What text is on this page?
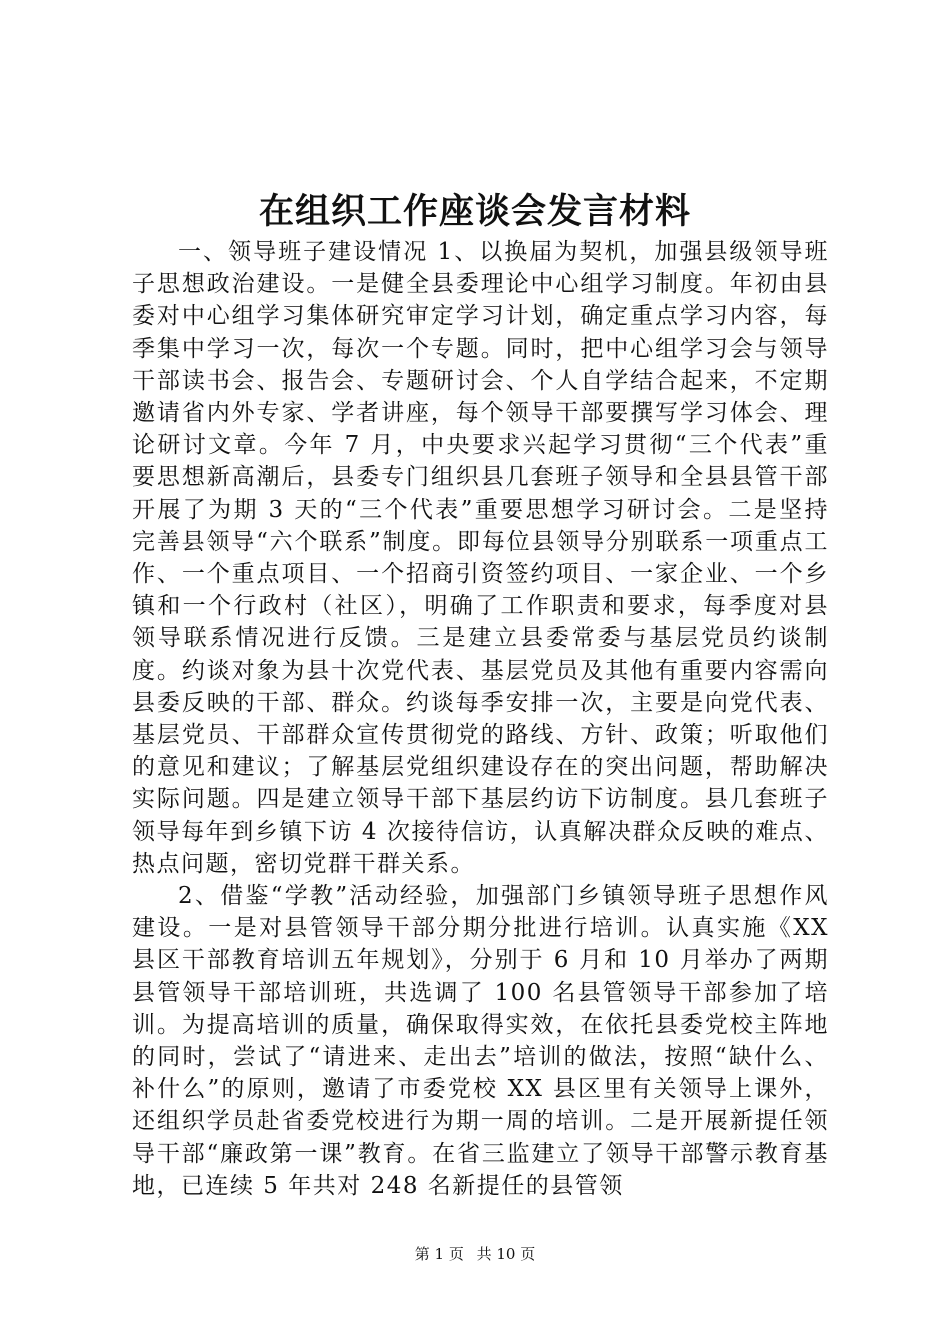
在组织工作座谈会发言材料

一、领导班子建设情况 1、以换届为契机，加强县级领导班子思想政治建设。一是健全县委理论中心组学习制度。年初由县委对中心组学习集体研究审定学习计划，确定重点学习内容，每季集中学习一次，每次一个专题。同时，把中心组学习会与领导干部读书会、报告会、专题研讨会、个人自学结合起来，不定期邀请省内外专家、学者讲座，每个领导干部要撰写学习体会、理论研讨文章。今年 7 月，中央要求兴起学习贯彻“三个代表”重要思想新高潮后，县委专门组织县几套班子领导和全县县管干部开展了为期 3 天的“三个代表”重要思想学习研讨会。二是坚持完善县领导“六个联系”制度。即每位县领导分别联系一项重点工作、一个重点项目、一个招商引资签约项目、一家企业、一个乡镇和一个行政村（社区），明确了工作职责和要求，每季度对县领导联系情况进行反馈。三是建立县委常委与基层党员约谈制度。约谈对象为县十次党代表、基层党员及其他有重要内容需向县委反映的干部、群众。约谈每季安排一次，主要是向党代表、基层党员、干部群众宣传贯彻党的路线、方针、政策；听取他们的意见和建议；了解基层党组织建设存在的突出问题，帮助解决实际问题。四是建立领导干部下基层约访下访制度。县几套班子领导每年到乡镇下访 4 次接待信访，认真解决群众反映的难点、热点问题，密切党群干群关系。

2、借鉴“学教”活动经验，加强部门乡镇领导班子思想作风建设。一是对县管领导干部分期分批进行培训。认真实施《XX 县区干部教育培训五年规划》，分别于 6 月和 10 月举办了两期县管领导干部培训班，共选调了 100 名县管领导干部参加了培训。为提高培训的质量，确保取得实效，在依托县委党校主阵地的同时，尝试了“请进来、走出去”培训的做法，按照“缺什么、补什么”的原则，邀请了市委党校 XX 县区里有关领导上课外，还组织学员赴省委党校进行为期一周的培训。二是开展新提任领导干部“廉政第一课”教育。在省三监建立了领导干部警示教育基地，已连续 5 年共对 248 名新提任的县管领

第 1 页 共 10 页
